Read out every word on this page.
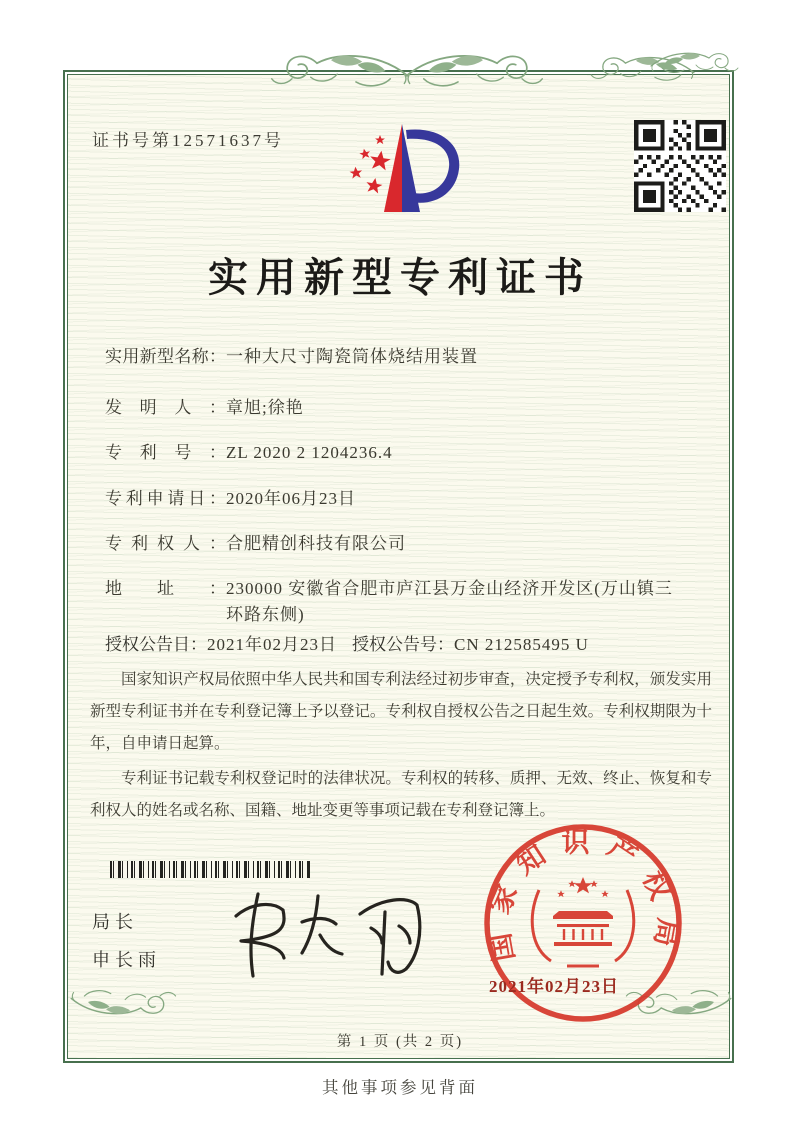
证书号第12571637号
实用新型专利证书
实用新型名称：一种大尺寸陶瓷筒体烧结用装置
发明人：章旭;徐艳
专利号：ZL 2020 2 1204236.4
专利申请日：2020年06月23日
专利权人：合肥精创科技有限公司
地址：230000 安徽省合肥市庐江县万金山经济开发区(万山镇三环路东侧)
授权公告日：2021年02月23日 授权公告号：CN 212585495 U

国家知识产权局依照中华人民共和国专利法经过初步审查，决定授予专利权，颁发实用新型专利证书并在专利登记簿上予以登记。专利权自授权公告之日起生效。专利权期限为十年，自申请日起算。

专利证书记载专利权登记时的法律状况。专利权的转移、质押、无效、终止、恢复和专利权人的姓名或名称、国籍、地址变更等事项记载在专利登记簿上。

局长
申长雨	国家知识产权局
2021年02月23日
第 1 页 (共 2 页)
其他事项参见背面
